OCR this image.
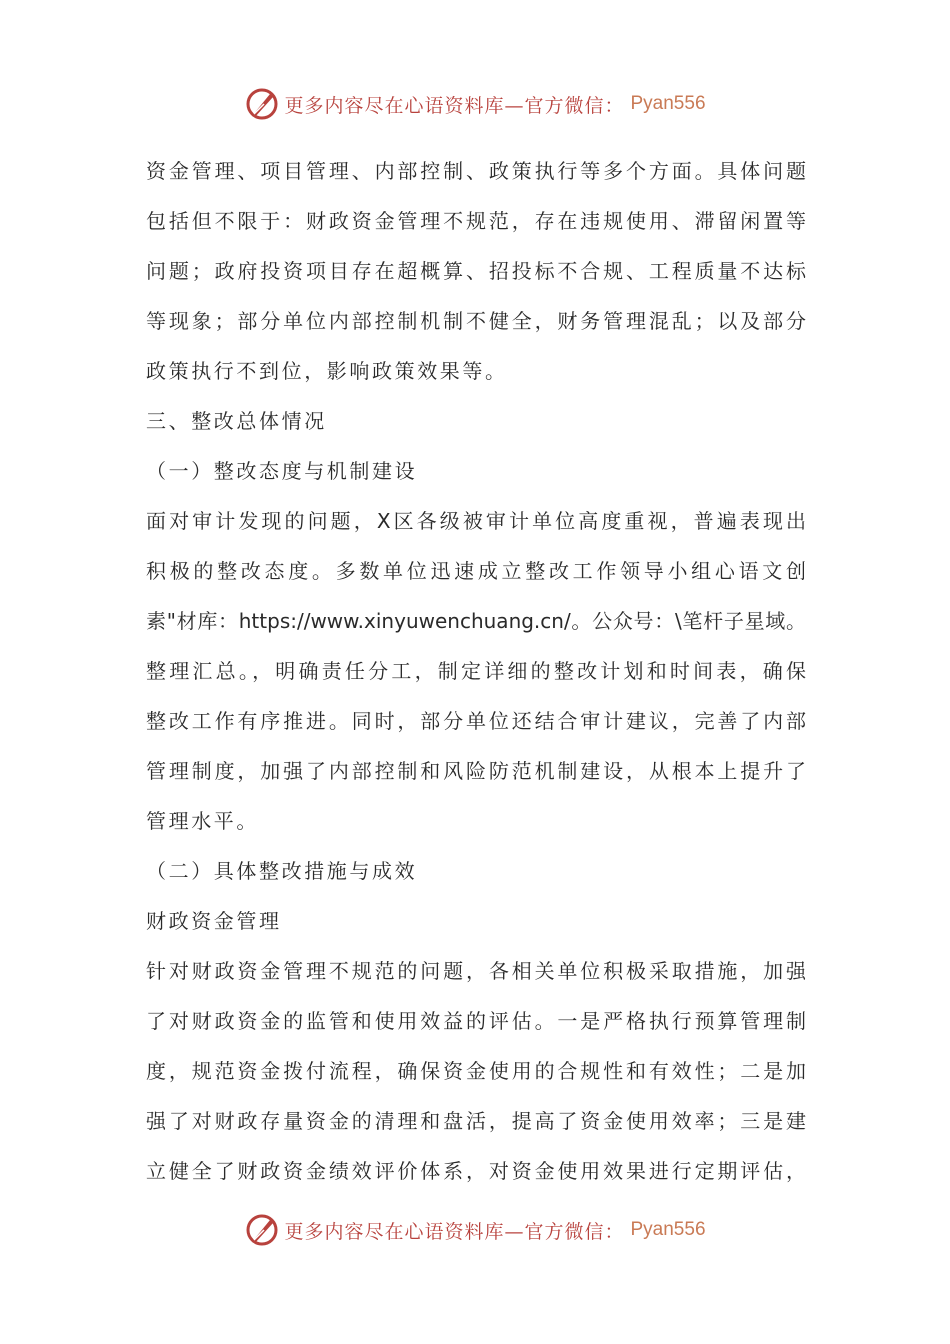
更多内容尽在心语资料库—官方微信： Pyan556
资金管理、项目管理、内部控制、政策执行等多个方面。具体问题
包括但不限于：财政资金管理不规范，存在违规使用、滞留闲置等
问题；政府投资项目存在超概算、招投标不合规、工程质量不达标
等现象；部分单位内部控制机制不健全，财务管理混乱；以及部分
政策执行不到位，影响政策效果等。
三、整改总体情况
（一）整改态度与机制建设
面对审计发现的问题，X区各级被审计单位高度重视，普遍表现出
积极的整改态度。多数单位迅速成立整改工作领导小组心语文创
素"材库：https://www.xinyuwenchuang.cn/。公众号：\笔杆子星域。
整理汇总。，明确责任分工，制定详细的整改计划和时间表，确保
整改工作有序推进。同时，部分单位还结合审计建议，完善了内部
管理制度，加强了内部控制和风险防范机制建设，从根本上提升了
管理水平。
（二）具体整改措施与成效
财政资金管理
针对财政资金管理不规范的问题，各相关单位积极采取措施，加强
了对财政资金的监管和使用效益的评估。一是严格执行预算管理制
度，规范资金拨付流程，确保资金使用的合规性和有效性；二是加
强了对财政存量资金的清理和盘活，提高了资金使用效率；三是建
立健全了财政资金绩效评价体系，对资金使用效果进行定期评估，
更多内容尽在心语资料库—官方微信： Pyan556
